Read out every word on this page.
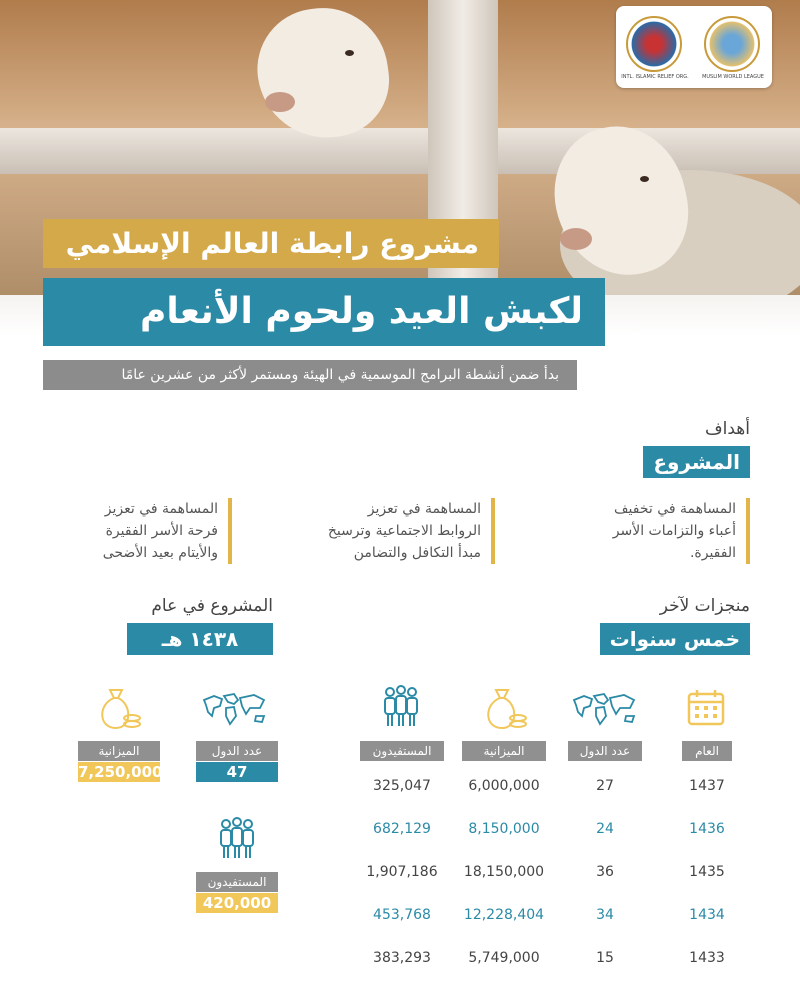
INTL. ISLAMIC RELIEF ORG.	MUSLIM WORLD LEAGUE
مشروع رابطة العالم الإسلامي
لكبش العيد ولحوم الأنعام
بدأ ضمن أنشطة البرامج الموسمية في الهيئة ومستمر لأكثر من عشرين عامًا
أهداف
المشروع
المساهمة في تخفيف
أعباء والتزامات الأسر
الفقيرة.
المساهمة في تعزيز
الروابط الاجتماعية وترسيخ
مبدأ التكافل والتضامن
المساهمة في تعزيز
فرحة الأسر الفقيرة
والأيتام بعيد الأضحى
منجزات لآخر
خمس سنوات
المشروع في عام
١٤٣٨ هـ
العام
عدد الدول
الميزانية
المستفيدون
1437
27
6,000,000
325,047
1436
24
8,150,000
682,129
1435
36
18,150,000
1,907,186
1434
34
12,228,404
453,768
1433
15
5,749,000
383,293
عدد الدول
47
الميزانية
7,250,000
المستفيدون
420,000
